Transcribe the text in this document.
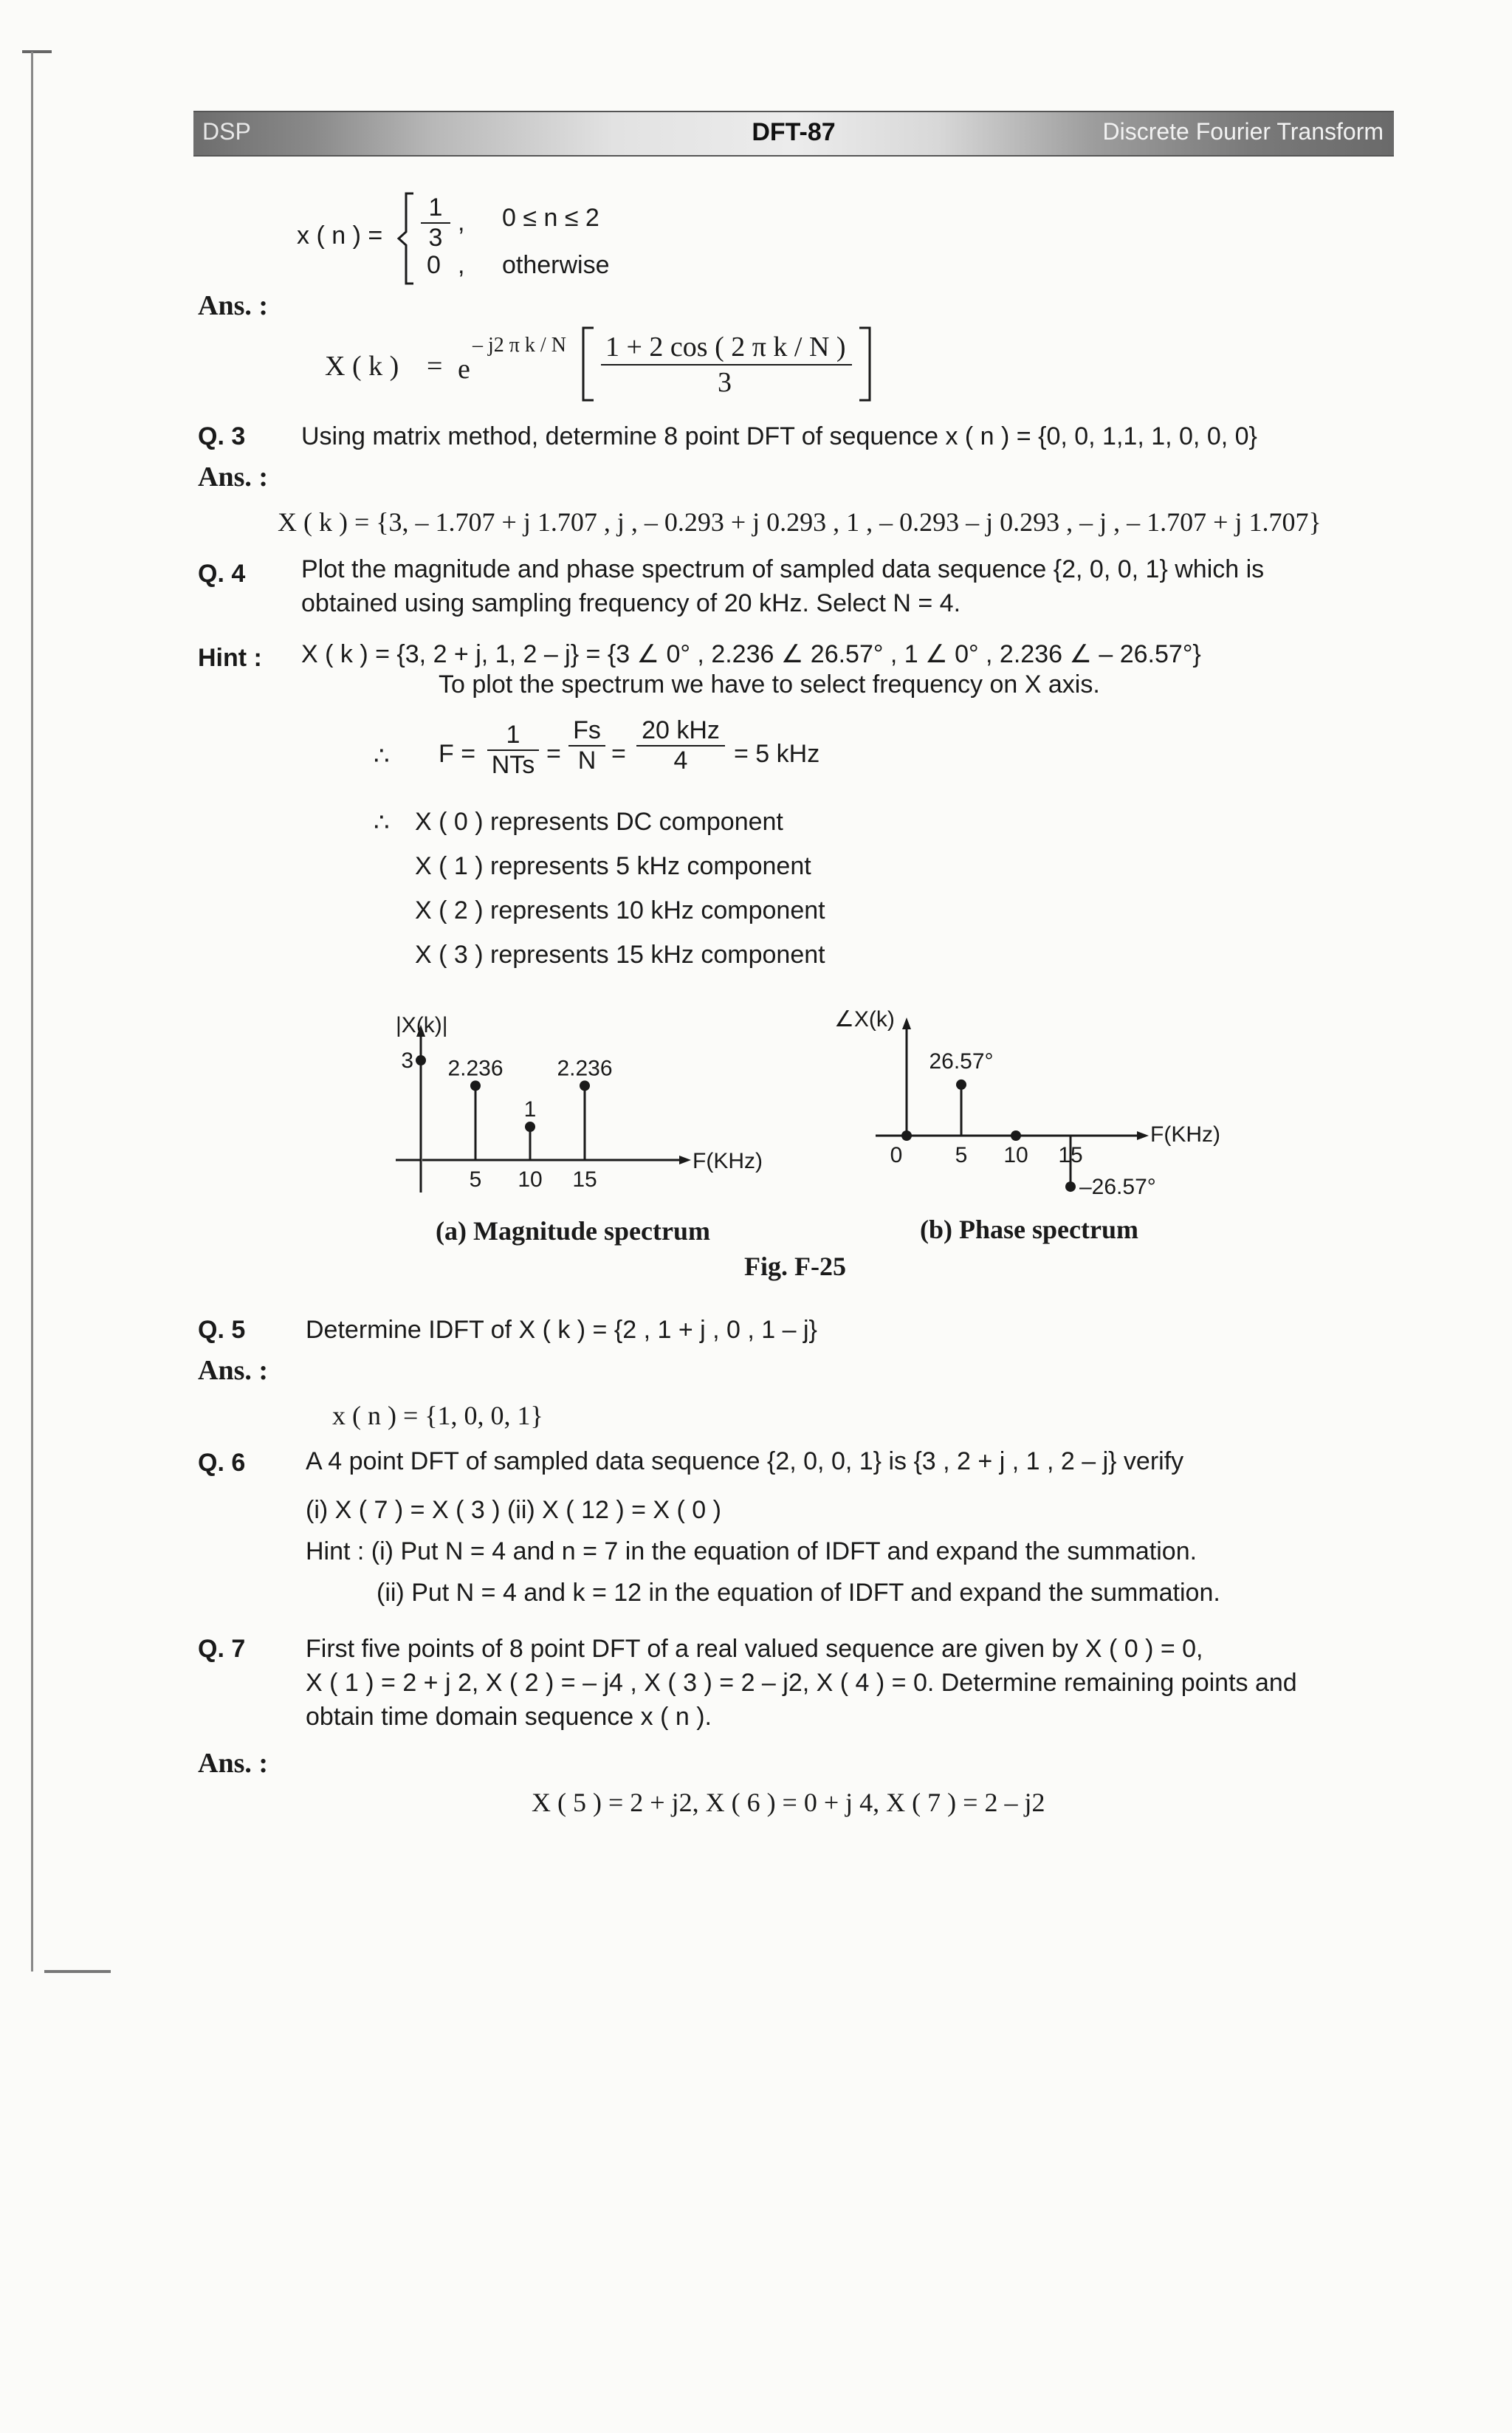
DSP	DFT-87	Discrete Fourier Transform
x ( n ) = $\frac{1}{3}$ , 0 ≤ n ≤ 2
0 , otherwise
Ans. :
X ( k ) = e
– j2 π k / N 1 + 2 cos ( 2 π k / N )
3
Q. 3 Using matrix method, determine 8 point DFT of sequence x ( n ) = {0, 0, 1,1, 1, 0, 0, 0}
Ans. :
X ( k ) = {3, – 1.707 + j 1.707 , j , – 0.293 + j 0.293 , 1 , – 0.293 – j 0.293 , – j , – 1.707 + j 1.707}
Q. 4 Plot the magnitude and phase spectrum of sampled data sequence {2, 0, 0, 1} which is
obtained using sampling frequency of 20 kHz. Select N = 4.
Hint : X ( k ) = {3, 2 + j, 1, 2 – j} = {3 ∠ 0° , 2.236 ∠ 26.57° , 1 ∠ 0° , 2.236 ∠ – 26.57°}
To plot the spectrum we have to select frequency on X axis.
∴ F =
1
NTs = $\frac{Fs}{N}$ =
20 kHz
4	= 5 kHz
∴ X ( 0 ) represents DC component
X ( 1 ) represents 5 kHz component
X ( 2 ) represents 10 kHz component
X ( 3 ) represents 15 kHz component
|X(k)|
F(KHz)
3 2.236
1
2.236
5 10 15
∠X(k)
F(KHz)
26.57°
–26.57°
0 5 10 15
(a) Magnitude spectrum	(b) Phase spectrum
Fig. F-25
Q. 5 Determine IDFT of X ( k ) = {2 , 1 + j , 0 , 1 – j}
Ans. :
x ( n ) = {1, 0, 0, 1}
Q. 6 A 4 point DFT of sampled data sequence {2, 0, 0, 1} is {3 , 2 + j , 1 , 2 – j} verify
(i) X ( 7 ) = X ( 3 ) (ii) X ( 12 ) = X ( 0 )
Hint : (i) Put N = 4 and n = 7 in the equation of IDFT and expand the summation.
(ii) Put N = 4 and k = 12 in the equation of IDFT and expand the summation.
Q. 7 First five points of 8 point DFT of a real valued sequence are given by X ( 0 ) = 0,
X ( 1 ) = 2 + j 2, X ( 2 ) = – j4 , X ( 3 ) = 2 – j2, X ( 4 ) = 0. Determine remaining points and
obtain time domain sequence x ( n ).
Ans. :
X ( 5 ) = 2 + j2, X ( 6 ) = 0 + j 4, X ( 7 ) = 2 – j2
